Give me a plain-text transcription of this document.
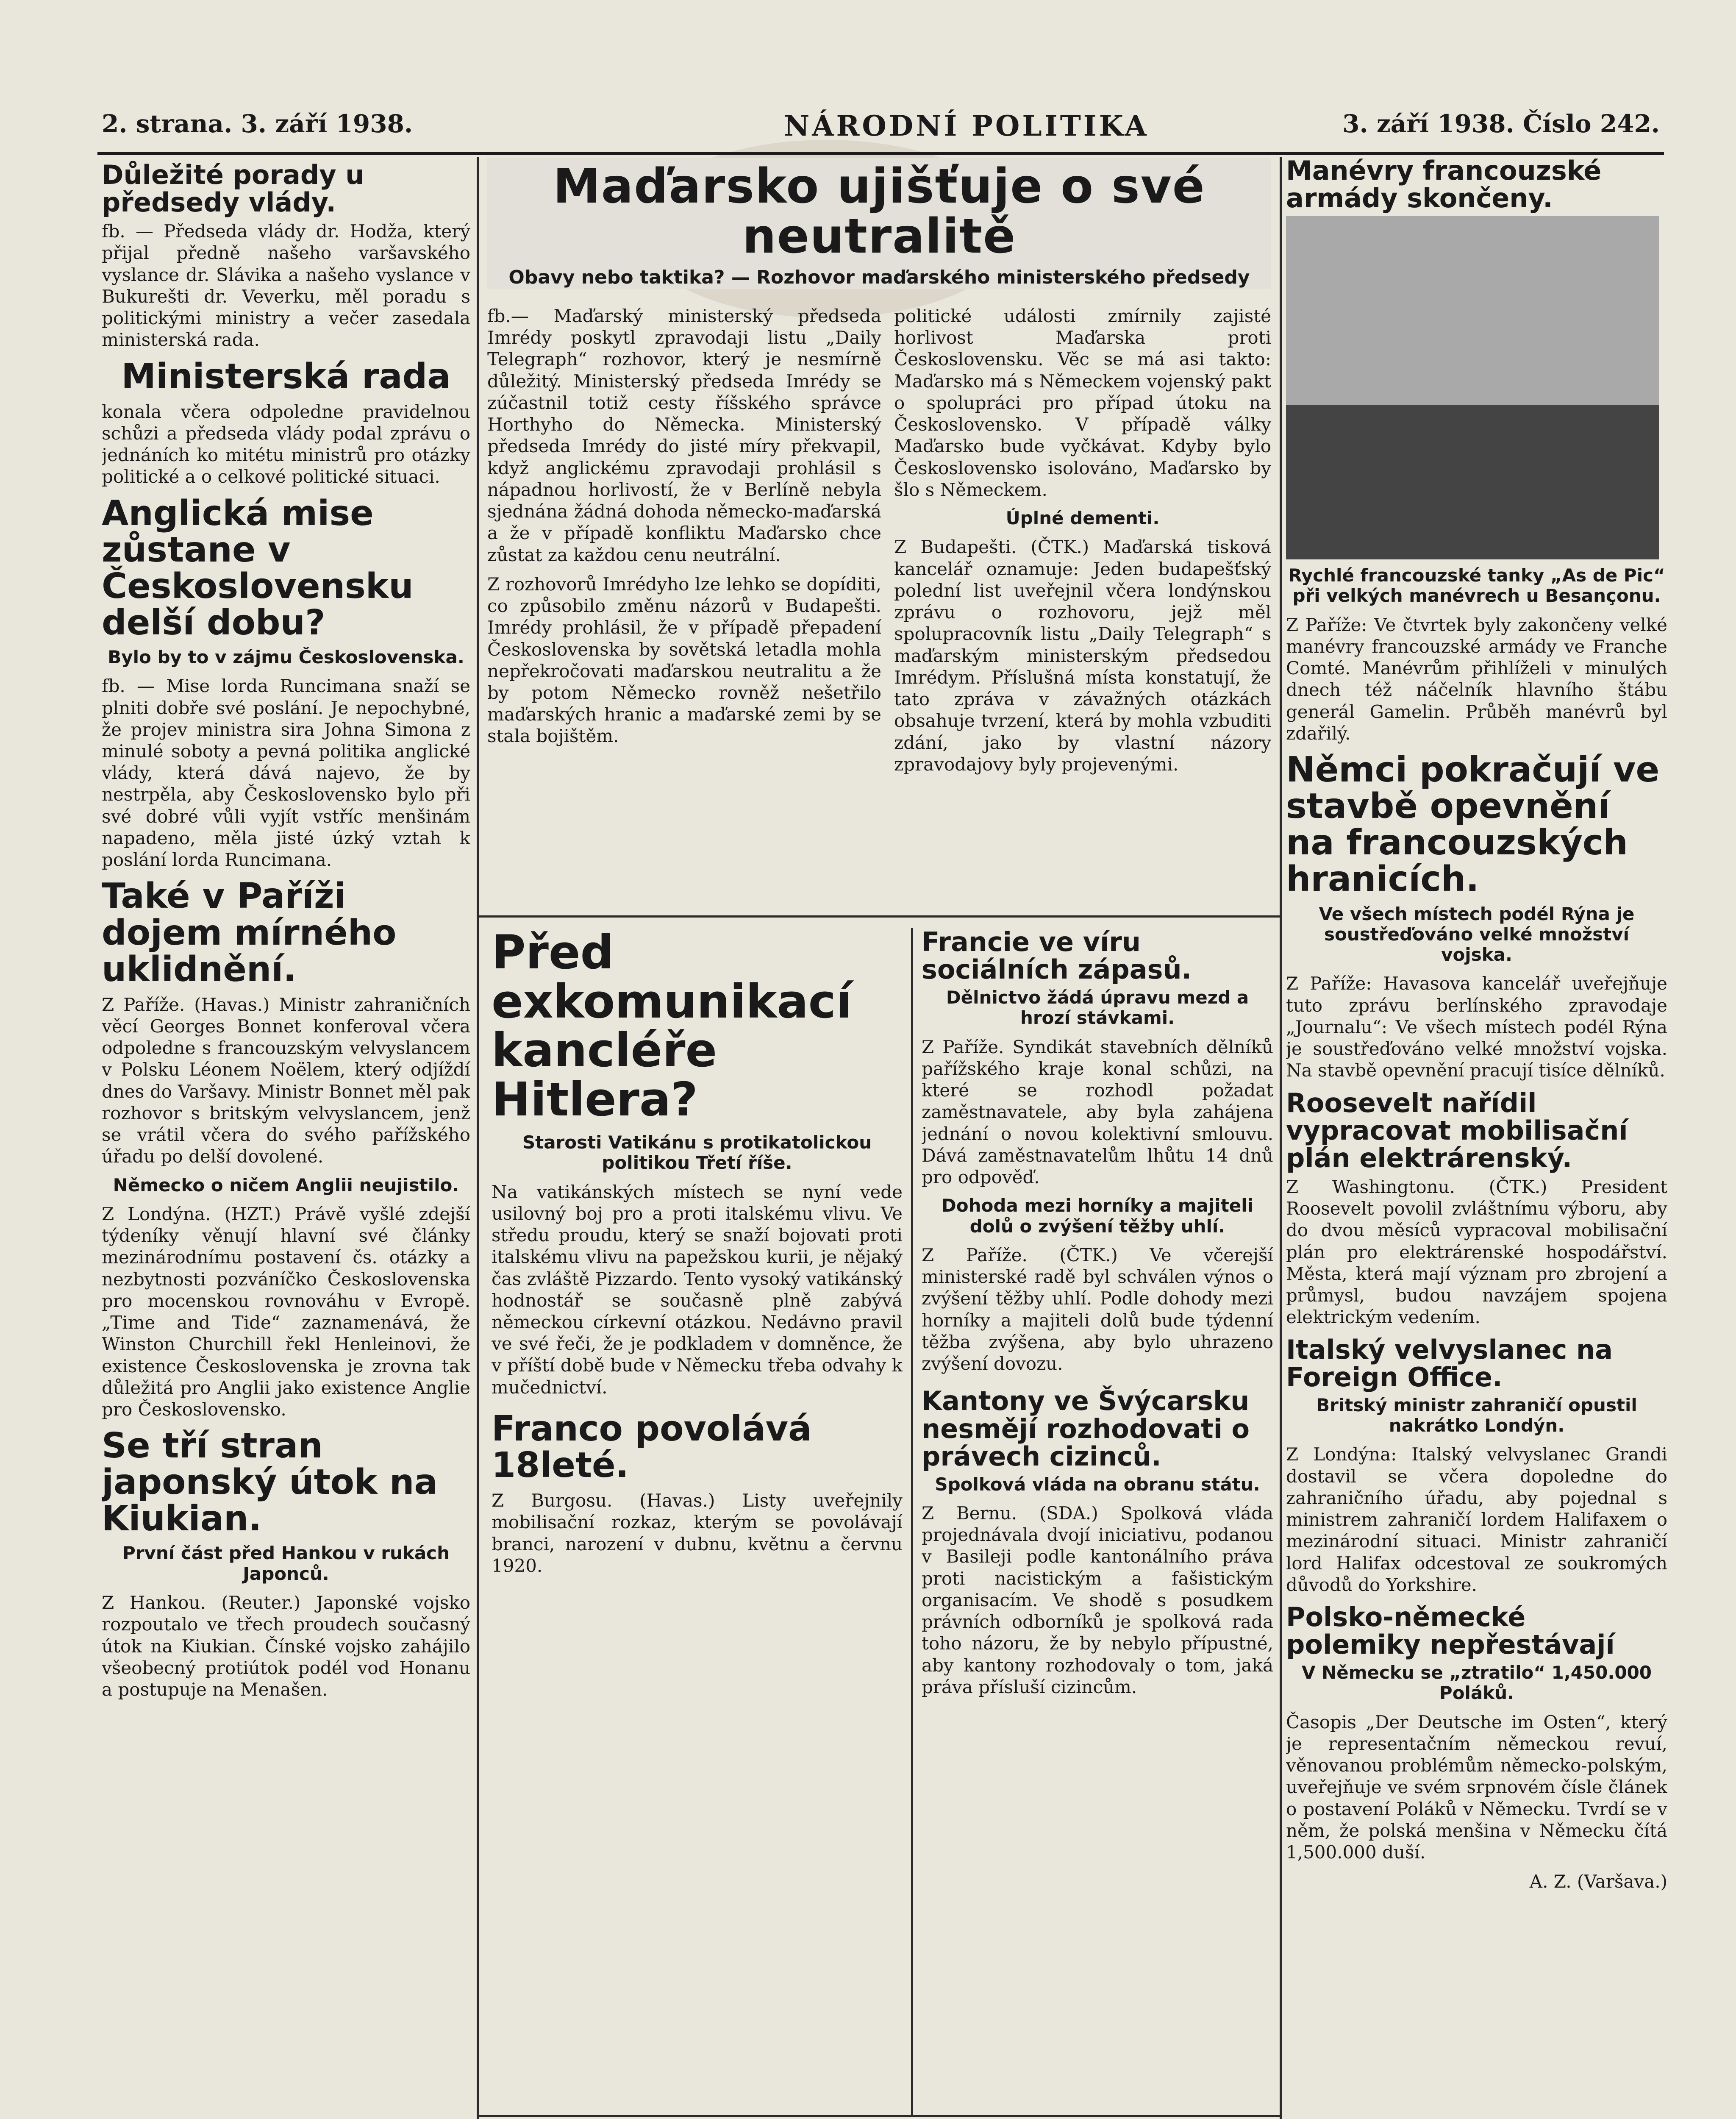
2. strana. 3. září 1938.	NÁRODNÍ POLITIKA	3. září 1938. Číslo 242.
Maďarsko ujišťuje o své neutralitě
Obavy nebo taktika? — Rozhovor maďarského ministerského předsedy
Důležité porady u předsedy vlády.

fb. — Předseda vlády dr. Hodža, který přijal předně našeho varšavského vyslance dr. Slávika a našeho vyslance v Bukurešti dr. Veverku, měl poradu s politickými ministry a večer zasedala ministerská rada.

Ministerská rada

konala včera odpoledne pravidelnou schůzi a předseda vlády podal zprávu o jednáních ko mitétu ministrů pro otázky politické a o celkové politické situaci.

Anglická mise zůstane v Československu delší dobu?
Bylo by to v zájmu Československa.

fb. — Mise lorda Runcimana snaží se plniti dobře své poslání. Je nepochybné, že projev ministra sira Johna Simona z minulé soboty a pevná politika anglické vlády, která dává najevo, že by nestrpěla, aby Československo bylo při své dobré vůli vyjít vstříc menšinám napadeno, měla jisté úzký vztah k poslání lorda Runcimana.

Také v Paříži dojem mírného uklidnění.

Z Paříže. (Havas.) Ministr zahraničních věcí Georges Bonnet konferoval včera odpoledne s francouzským velvyslancem v Polsku Léonem Noëlem, který odjíždí dnes do Varšavy. Ministr Bonnet měl pak rozhovor s britským velvyslancem, jenž se vrátil včera do svého pařížského úřadu po delší dovolené.

Německo o ničem Anglii neujistilo.

Z Londýna. (HZT.) Právě vyšlé zdejší týdeníky věnují hlavní své články mezinárodnímu postavení čs. otázky a nezbytnosti pozváníčko Československa pro mocenskou rovnováhu v Evropě. „Time and Tide“ zaznamenává, že Winston Churchill řekl Henleinovi, že existence Československa je zrovna tak důležitá pro Anglii jako existence Anglie pro Československo.

Se tří stran japonský útok na Kiukian.
První část před Hankou v rukách Japonců.

Z Hankou. (Reuter.) Japonské vojsko rozpoutalo ve třech proudech současný útok na Kiukian. Čínské vojsko zahájilo všeobecný protiútok podél vod Honanu a postupuje na Menašen.

fb.— Maďarský ministerský předseda Imrédy poskytl zpravodaji listu „Daily Telegraph“ rozhovor, který je nesmírně důležitý. Ministerský předseda Imrédy se zúčastnil totiž cesty říšského správce Horthyho do Německa. Ministerský předseda Imrédy do jisté míry překvapil, když anglickému zpravodaji prohlásil s nápadnou horlivostí, že v Berlíně nebyla sjednána žádná dohoda německo-maďarská a že v případě konfliktu Maďarsko chce zůstat za každou cenu neutrální.

Z rozhovorů Imrédyho lze lehko se dopíditi, co způsobilo změnu názorů v Budapešti. Imrédy prohlásil, že v případě přepadení Československa by sovětská letadla mohla nepřekročovati maďarskou neutralitu a že by potom Německo rovněž nešetřilo maďarských hranic a maďarské zemi by se stala bojištěm.

politické události zmírnily zajisté horlivost Maďarska proti Československu. Věc se má asi takto: Maďarsko má s Německem vojenský pakt o spolupráci pro případ útoku na Československo. V případě války Maďarsko bude vyčkávat. Kdyby bylo Československo isolováno, Maďarsko by šlo s Německem.

Úplné dementi.

Z Budapešti. (ČTK.) Maďarská tisková kancelář oznamuje: Jeden budapešťský polední list uveřejnil včera londýnskou zprávu o rozhovoru, jejž měl spolupracovník listu „Daily Telegraph“ s maďarským ministerským předsedou Imrédym. Příslušná místa konstatují, že tato zpráva v závažných otázkách obsahuje tvrzení, která by mohla vzbuditi zdání, jako by vlastní názory zpravodajovy byly projevenými.

Před exkomunikací kancléře Hitlera?
Starosti Vatikánu s protikatolickou politikou Třetí říše.

Na vatikánských místech se nyní vede usilovný boj pro a proti italskému vlivu. Ve středu proudu, který se snaží bojovati proti italskému vlivu na papežskou kurii, je nějaký čas zvláště Pizzardo. Tento vysoký vatikánský hodnostář se současně plně zabývá německou církevní otázkou. Nedávno pravil ve své řeči, že je podkladem v domněnce, že v příští době bude v Německu třeba odvahy k mučednictví.

Franco povolává 18leté.

Z Burgosu. (Havas.) Listy uveřejnily mobilisační rozkaz, kterým se povolávají branci, narození v dubnu, květnu a červnu 1920.

Francie ve víru sociálních zápasů.
Dělnictvo žádá úpravu mezd a hrozí stávkami.

Z Paříže. Syndikát stavebních dělníků pařížského kraje konal schůzi, na které se rozhodl požadat zaměstnavatele, aby byla zahájena jednání o novou kolektivní smlouvu. Dává zaměstnavatelům lhůtu 14 dnů pro odpověď.

Dohoda mezi horníky a majiteli dolů o zvýšení těžby uhlí.

Z Paříže. (ČTK.) Ve včerejší ministerské radě byl schválen výnos o zvýšení těžby uhlí. Podle dohody mezi horníky a majiteli dolů bude týdenní těžba zvýšena, aby bylo uhrazeno zvýšení dovozu.

Kantony ve Švýcarsku nesmějí rozhodovati o právech cizinců.
Spolková vláda na obranu státu.

Z Bernu. (SDA.) Spolková vláda projednávala dvojí iniciativu, podanou v Basileji podle kantonálního práva proti nacistickým a fašistickým organisacím. Ve shodě s posudkem právních odborníků je spolková rada toho názoru, že by nebylo přípustné, aby kantony rozhodovaly o tom, jaká práva přísluší cizincům.

Manévry francouzské armády skončeny.
Rychlé francouzské tanky „As de Pic“ při velkých manévrech u Besançonu.

Z Paříže: Ve čtvrtek byly zakončeny velké manévry francouzské armády ve Franche Comté. Manévrům přihlíželi v minulých dnech též náčelník hlavního štábu generál Gamelin. Průběh manévrů byl zdařilý.

Němci pokračují ve stavbě opevnění na francouzských hranicích.
Ve všech místech podél Rýna je soustřeďováno velké množství vojska.

Z Paříže: Havasova kancelář uveřejňuje tuto zprávu berlínského zpravodaje „Journalu“: Ve všech místech podél Rýna je soustřeďováno velké množství vojska. Na stavbě opevnění pracují tisíce dělníků.

Roosevelt nařídil vypracovat mobilisační plán elektrárenský.

Z Washingtonu. (ČTK.) President Roosevelt povolil zvláštnímu výboru, aby do dvou měsíců vypracoval mobilisační plán pro elektrárenské hospodářství. Města, která mají význam pro zbrojení a průmysl, budou navzájem spojena elektrickým vedením.

Italský velvyslanec na Foreign Office.
Britský ministr zahraničí opustil nakrátko Londýn.

Z Londýna: Italský velvyslanec Grandi dostavil se včera dopoledne do zahraničního úřadu, aby pojednal s ministrem zahraničí lordem Halifaxem o mezinárodní situaci. Ministr zahraničí lord Halifax odcestoval ze soukromých důvodů do Yorkshire.

Polsko-německé polemiky nepřestávají
V Německu se „ztratilo“ 1,450.000 Poláků.

Časopis „Der Deutsche im Osten“, který je representačním německou revuí, věnovanou problémům německo-polským, uveřejňuje ve svém srpnovém čísle článek o postavení Poláků v Německu. Tvrdí se v něm, že polská menšina v Německu čítá 1,500.000 duší.

A. Z. (Varšava.)
